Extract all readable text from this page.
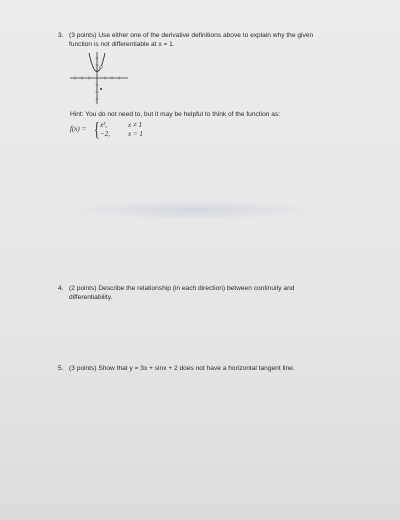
3. (3 points) Use either one of the derivative definitions above to explain why the given
function is not differentiable at x = 1.
Hint: You do not need to, but it may be helpful to think of the function as:
f(x) = { x²,	x ≠ 1
−2,	x = 1
4. (2 points) Describe the relationship (in each direction) between continuity and
differentiability.
5. (3 points) Show that y = 3x + sinx + 2 does not have a horizontal tangent line.
